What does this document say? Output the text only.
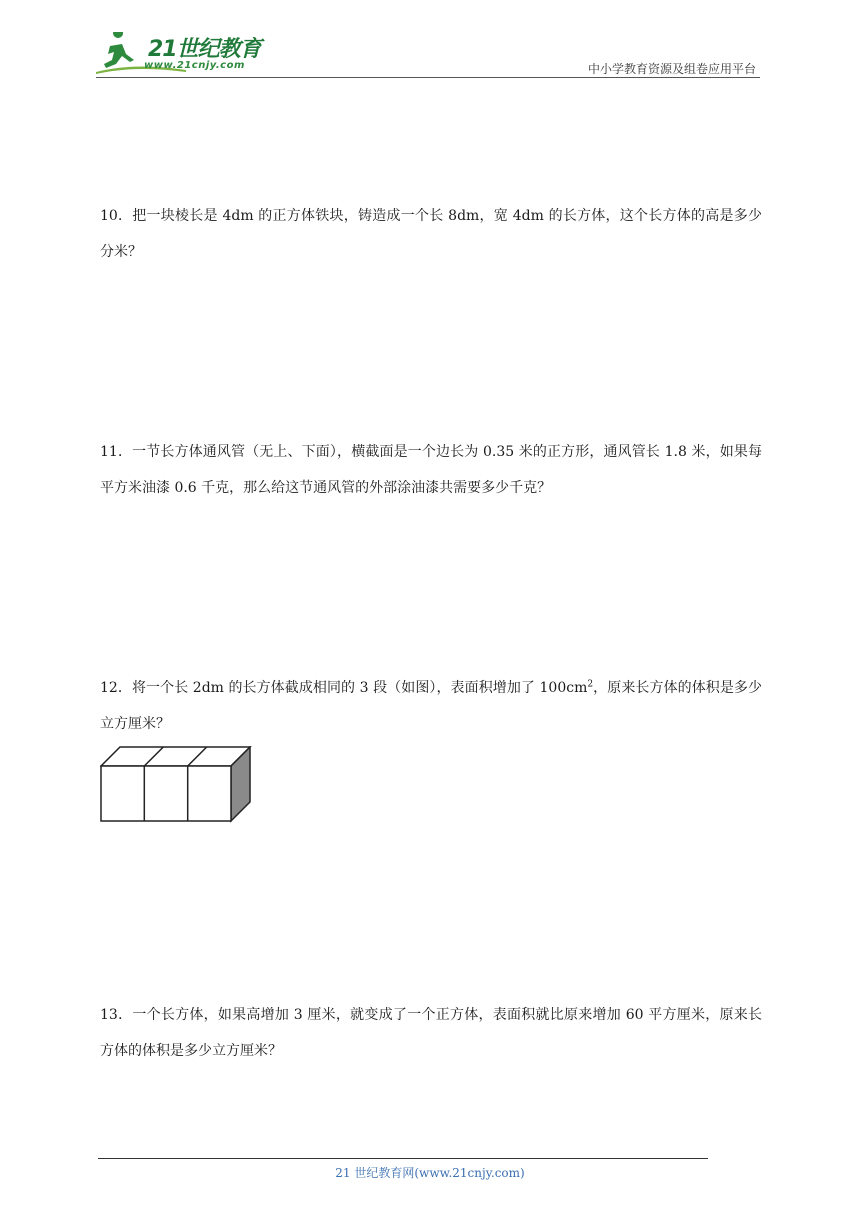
21世纪教育
www.21cnjy.com	中小学教育资源及组卷应用平台
10．把一块棱长是 4dm 的正方体铁块，铸造成一个长 8dm，宽 4dm 的长方体，这个长方体的高是多少分米？
11．一节长方体通风管（无上、下面），横截面是一个边长为 0.35 米的正方形，通风管长 1.8 米，如果每平方米油漆 0.6 千克，那么给这节通风管的外部涂油漆共需要多少千克？
12．将一个长 2dm 的长方体截成相同的 3 段（如图），表面积增加了 $100cm^2$，原来长方体的体积是多少立方厘米？
13．一个长方体，如果高增加 3 厘米，就变成了一个正方体，表面积就比原来增加 60 平方厘米，原来长方体的体积是多少立方厘米？
21 世纪教育网(www.21cnjy.com)
